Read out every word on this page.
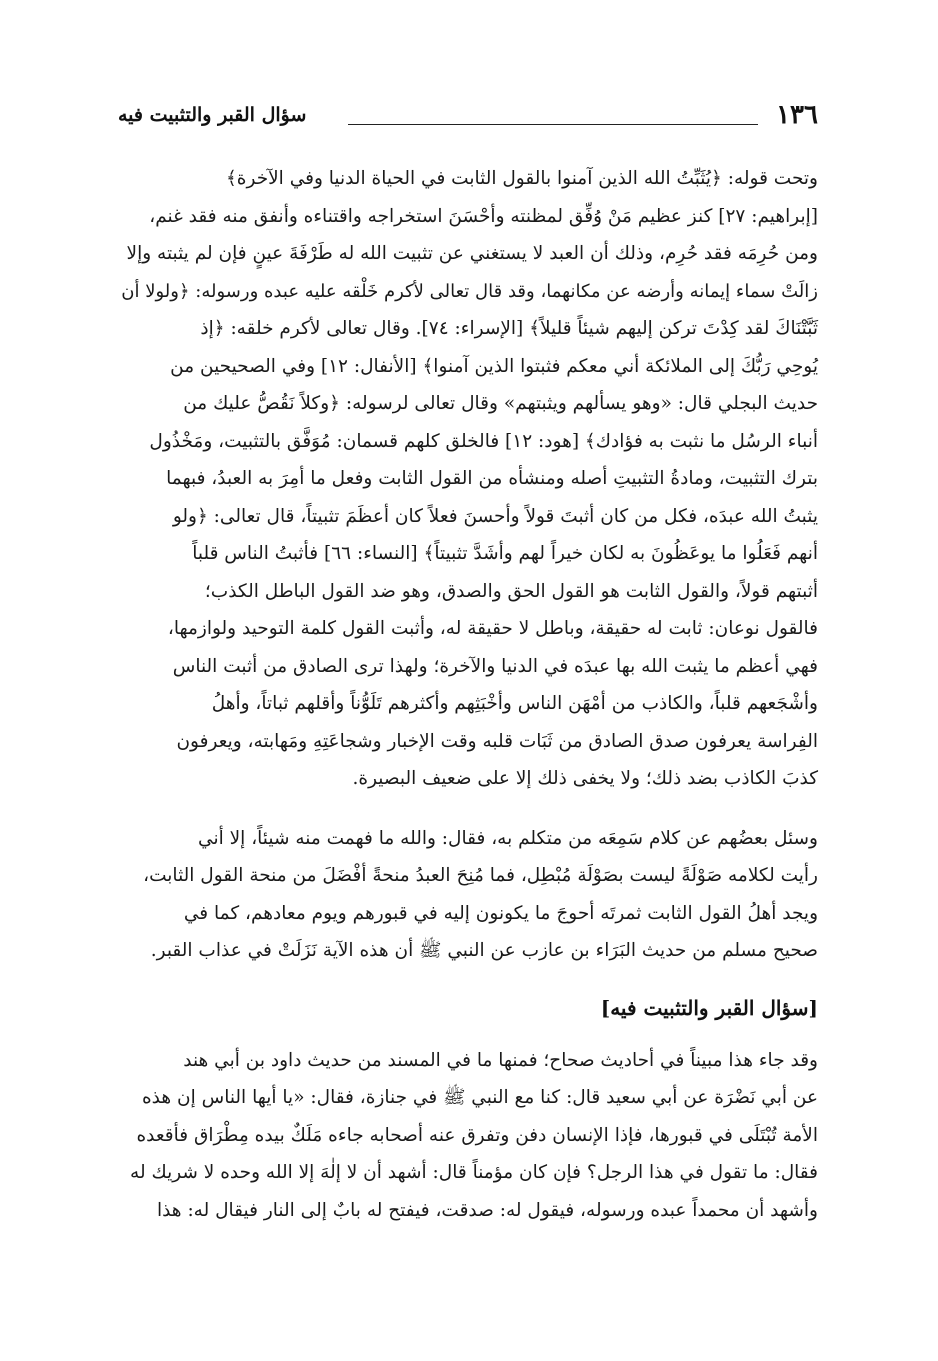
١٣٦
سؤال القبر والتثبيت فيه

وتحت قوله: ﴿يُثَبِّتُ الله الذين آمنوا بالقول الثابت في الحياة الدنيا وفي الآخرة﴾

[إبراهيم: ٢٧] كنز عظيم مَنْ وُفِّق لمظنته وأحْسَنَ استخراجه واقتناءه وأنفق منه فقد غنم،

ومن حُرِمَه فقد حُرِم، وذلك أن العبد لا يستغني عن تثبيت الله له طَرْفَةَ عينٍ فإن لم يثبته وإلا

زالَتْ سماء إيمانه وأرضه عن مكانهما، وقد قال تعالى لأكرم خَلْقه عليه عبده ورسوله: ﴿ولولا أن

ثَبَّتْنَاكَ لقد كِدْتَ تركن إليهم شيئاً قليلاً﴾ [الإسراء: ٧٤]. وقال تعالى لأكرم خلقه: ﴿إذ

يُوحِي رَبُّكَ إلى الملائكة أني معكم فثبتوا الذين آمنوا﴾ [الأنفال: ١٢] وفي الصحيحين من

حديث البجلي قال: «وهو يسألهم ويثبتهم» وقال تعالى لرسوله: ﴿وكلاً نَقُصُّ عليك من

أنباء الرسُل ما نثبت به فؤادك﴾ [هود: ١٢] فالخلق كلهم قسمان: مُوَفَّق بالتثبيت، ومَخْذُول

بترك التثبيت، ومادةُ التثبيتِ أصله ومنشأه من القول الثابت وفعل ما أمِرَ به العبدُ، فبهما

يثبتُ الله عبدَه، فكل من كان أثبتَ قولاً وأحسنَ فعلاً كان أعظَمَ تثبيتاً، قال تعالى: ﴿ولو

أنهم فَعَلُوا ما يوعَظُونَ به لكان خيراً لهم وأشَدَّ تثبيتاً﴾ [النساء: ٦٦] فأثبتُ الناس قلباً

أثبتهم قولاً، والقول الثابت هو القول الحق والصدق، وهو ضد القول الباطل الكذب؛

فالقول نوعان: ثابت له حقيقة، وباطل لا حقيقة له، وأثبت القول كلمة التوحيد ولوازمها،

فهي أعظم ما يثبت الله بها عبدَه في الدنيا والآخرة؛ ولهذا ترى الصادق من أثبت الناس

وأشْجَعهم قلباً، والكاذب من أمْهَن الناس وأخْبَثِهم وأكثرهم تَلَوُّناً وأقلهم ثباتاً، وأهلُ

الفِراسة يعرفون صدق الصادق من ثَبَات قلبه وقت الإخبار وشجاعَتِهِ ومَهابته، ويعرفون

كذبَ الكاذب بضد ذلك؛ ولا يخفى ذلك إلا على ضعيف البصيرة.

وسئل بعضُهم عن كلام سَمِعَه من متكلم به، فقال: والله ما فهمت منه شيئاً، إلا أني

رأيت لكلامه صَوْلَةً ليست بصَوْلَة مُبْطِل، فما مُنِحَ العبدُ منحةً أفْضَلَ من منحة القول الثابت،

ويجد أهلُ القول الثابت ثمرتَه أحوجَ ما يكونون إليه في قبورهم ويوم معادهم، كما في

صحيح مسلم من حديث البَرَاء بن عازب عن النبي ﷺ أن هذه الآية نَزَلَتْ في عذاب القبر.

[سؤال القبر والتثبيت فيه]

وقد جاء هذا مبيناً في أحاديث صحاح؛ فمنها ما في المسند من حديث داود بن أبي هند

عن أبي نَضْرَة عن أبي سعيد قال: كنا مع النبي ﷺ في جنازة، فقال: «يا أيها الناس إن هذه

الأمة تُبْتَلَى في قبورها، فإذا الإنسان دفن وتفرق عنه أصحابه جاءه مَلَكٌ بيده مِطْرَاق فأقعده

فقال: ما تقول في هذا الرجل؟ فإن كان مؤمناً قال: أشهد أن لا إلٰهَ إلا الله وحده لا شريك له

وأشهد أن محمداً عبده ورسوله، فيقول له: صدقت، فيفتح له بابٌ إلى النار فيقال له: هذا
